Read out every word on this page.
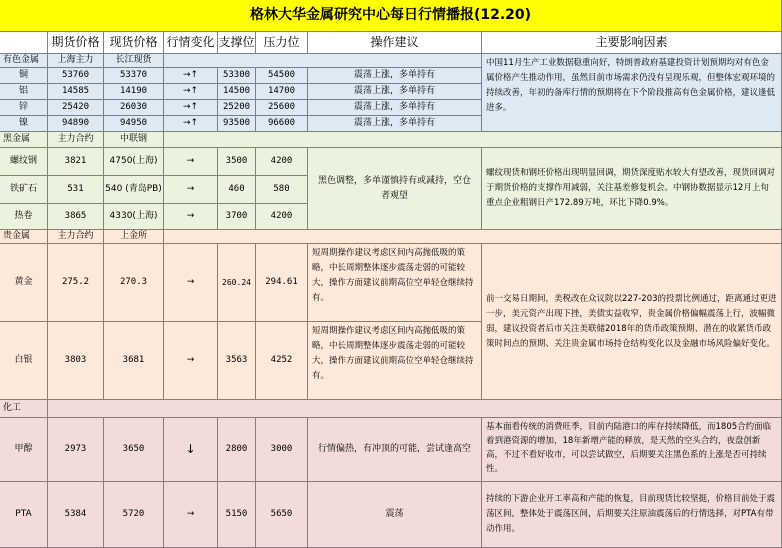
格林大华金属研究中心每日行情播报(12.20)
期货价格 现货价格 行情变化 支撑位 压力位	操作建议	主要影响因素
有色金属	上海主力	长江现货
铜	53760	53370	→↑	53300	54500	震荡上涨，多单持有
铝	14585	14190	→↑	14500	14700	震荡上涨，多单持有
锌	25420	26030	→↑	25200	25600	震荡上涨，多单持有
镍	94890	94950	→↑	93500	96600	震荡上涨，多单持有
中国11月生产工业数据稳重向好，特朗普政府基建投资计划预期均对有色金属价格产生推动作用，虽然目前市场需求仍没有呈现乐观，但整体宏观环境的持续改善，年初的备库行情的预期将在下个阶段推高有色金属价格，建议逢低进多。
黑金属	主力合约	中联钢
螺纹钢	3821	4750(上海)	→	3500	4200
铁矿石	531	540 (青岛PB)	→	460	580
热卷	3865	4330(上海)	→	3700	4200
黑色调整，多单谨慎持有或减持，空仓者观望
螺纹现货和钢坯价格出现明显回调，期货深度贴水较大有望改善，现货回调对于期货价格的支撑作用减弱，关注基差修复机会。中钢协数据显示12月上旬重点企业粗钢日产172.89万吨，环比下降0.9%。
贵金属	主力合约	上金所
黄金	275.2	270.3	→	260.24	294.61
短周期操作建议考虑区间内高抛低吸的策略，中长周期整体逐步震荡走弱的可能较大，操作方面建议前期高位空单轻仓继续持有。
白银	3803	3681	→	3563	4252
短周期操作建议考虑区间内高抛低吸的策略，中长周期整体逐步震荡走弱的可能较大，操作方面建议前期高位空单轻仓继续持有。
前一交易日期间，美税改在众议院以227-203的投票比例通过，距离通过更进一步，美元资产出现下挫，美债实益收窄，贵金属价格偏幅震荡上行，波幅微弱，建议投资者后市关注美联储2018年的货币政策预期、潜在的收紧货币政策时间点的预期、关注贵金属市场持仓结构变化以及金融市场风险偏好变化。
化工
甲醇	2973	3650	↓	2800	3000	行情偏热，有冲顶的可能，尝试逢高空
基本面看传统的消费旺季，目前内陆港口的库存持续降低，而1805合约面临着到港资源的增加，18年新增产能的释放，是天然的空头合约，夜盘创新高，不过不看好收市，可以尝试做空，后期要关注黑色系的上涨是否可持续性。
PTA	5384	5720	→	5150	5650	震荡
持续的下游企业开工率高和产能的恢复，目前现货比较坚挺，价格目前处于震荡区间，整体处于震荡区间，后期要关注原油震荡后的行情选择，对PTA有带动作用。
